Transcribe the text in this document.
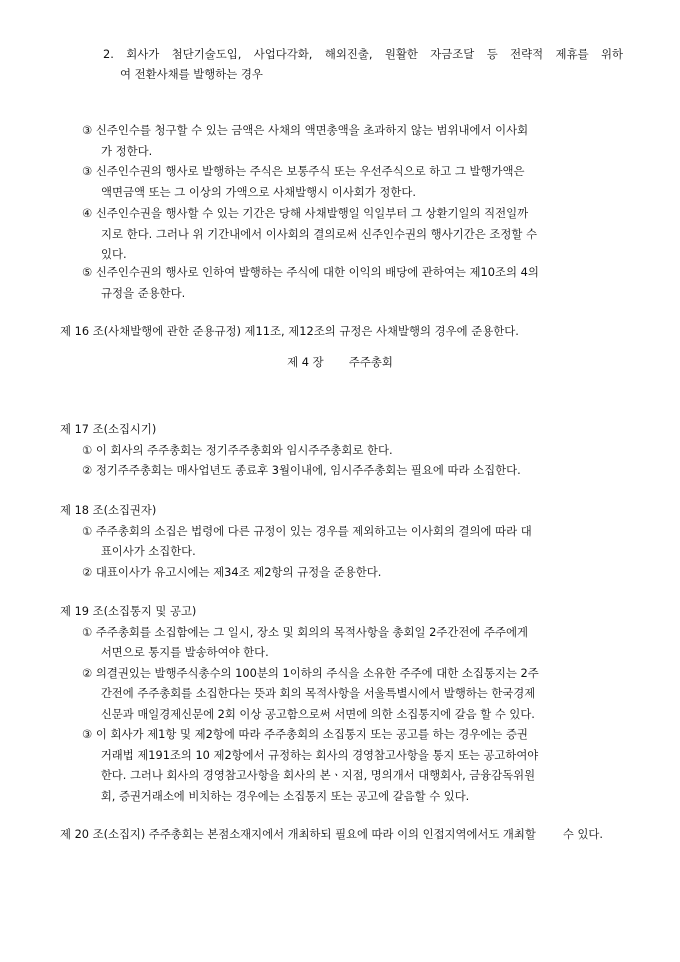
2. 회사가 첨단기술도입, 사업다각화, 해외진출, 원활한 자금조달 등 전략적 제휴를 위하
여 전환사채를 발행하는 경우
③ 신주인수를 청구할 수 있는 금액은 사채의 액면총액을 초과하지 않는 범위내에서 이사회
가 정한다.
③ 신주인수권의 행사로 발행하는 주식은 보통주식 또는 우선주식으로 하고 그 발행가액은
액면금액 또는 그 이상의 가액으로 사채발행시 이사회가 정한다.
④ 신주인수권을 행사할 수 있는 기간은 당해 사채발행일 익일부터 그 상환기일의 직전일까
지로 한다. 그러나 위 기간내에서 이사회의 결의로써 신주인수권의 행사기간은 조정할 수
있다.
⑤ 신주인수권의 행사로 인하여 발행하는 주식에 대한 이익의 배당에 관하여는 제10조의 4의
규정을 준용한다.
제 16 조(사채발행에 관한 준용규정) 제11조, 제12조의 규정은 사채발행의 경우에 준용한다.
제 4 장 주주총회
제 17 조(소집시기)
① 이 회사의 주주총회는 정기주주총회와 임시주주총회로 한다.
② 정기주주총회는 매사업년도 종료후 3월이내에, 임시주주총회는 필요에 따라 소집한다.
제 18 조(소집권자)
① 주주총회의 소집은 법령에 다른 규정이 있는 경우를 제외하고는 이사회의 결의에 따라 대
표이사가 소집한다.
② 대표이사가 유고시에는 제34조 제2항의 규정을 준용한다.
제 19 조(소집통지 및 공고)
① 주주총회를 소집함에는 그 일시, 장소 및 회의의 목적사항을 총회일 2주간전에 주주에게
서면으로 통지를 발송하여야 한다.
② 의결권있는 발행주식총수의 100분의 1이하의 주식을 소유한 주주에 대한 소집통지는 2주
간전에 주주총회를 소집한다는 뜻과 회의 목적사항을 서울특별시에서 발행하는 한국경제 신문과 매일경제신문에 2회 이상 공고함으로써 서면에 의한 소집통지에 갈음 할 수 있다.
③ 이 회사가 제1항 및 제2항에 따라 주주총회의 소집통지 또는 공고를 하는 경우에는 증권
거래법 제191조의 10 제2항에서 규정하는 회사의 경영참고사항을 통지 또는 공고하여야 한다. 그러나 회사의 경영참고사항을 회사의 본ㆍ지점, 명의개서 대행회사, 금융감독위원 회, 증권거래소에 비치하는 경우에는 소집통지 또는 공고에 갈음할 수 있다.
제 20 조(소집지) 주주총회는 본점소재지에서 개최하되 필요에 따라 이의 인접지역에서도 개최할 수 있다.
